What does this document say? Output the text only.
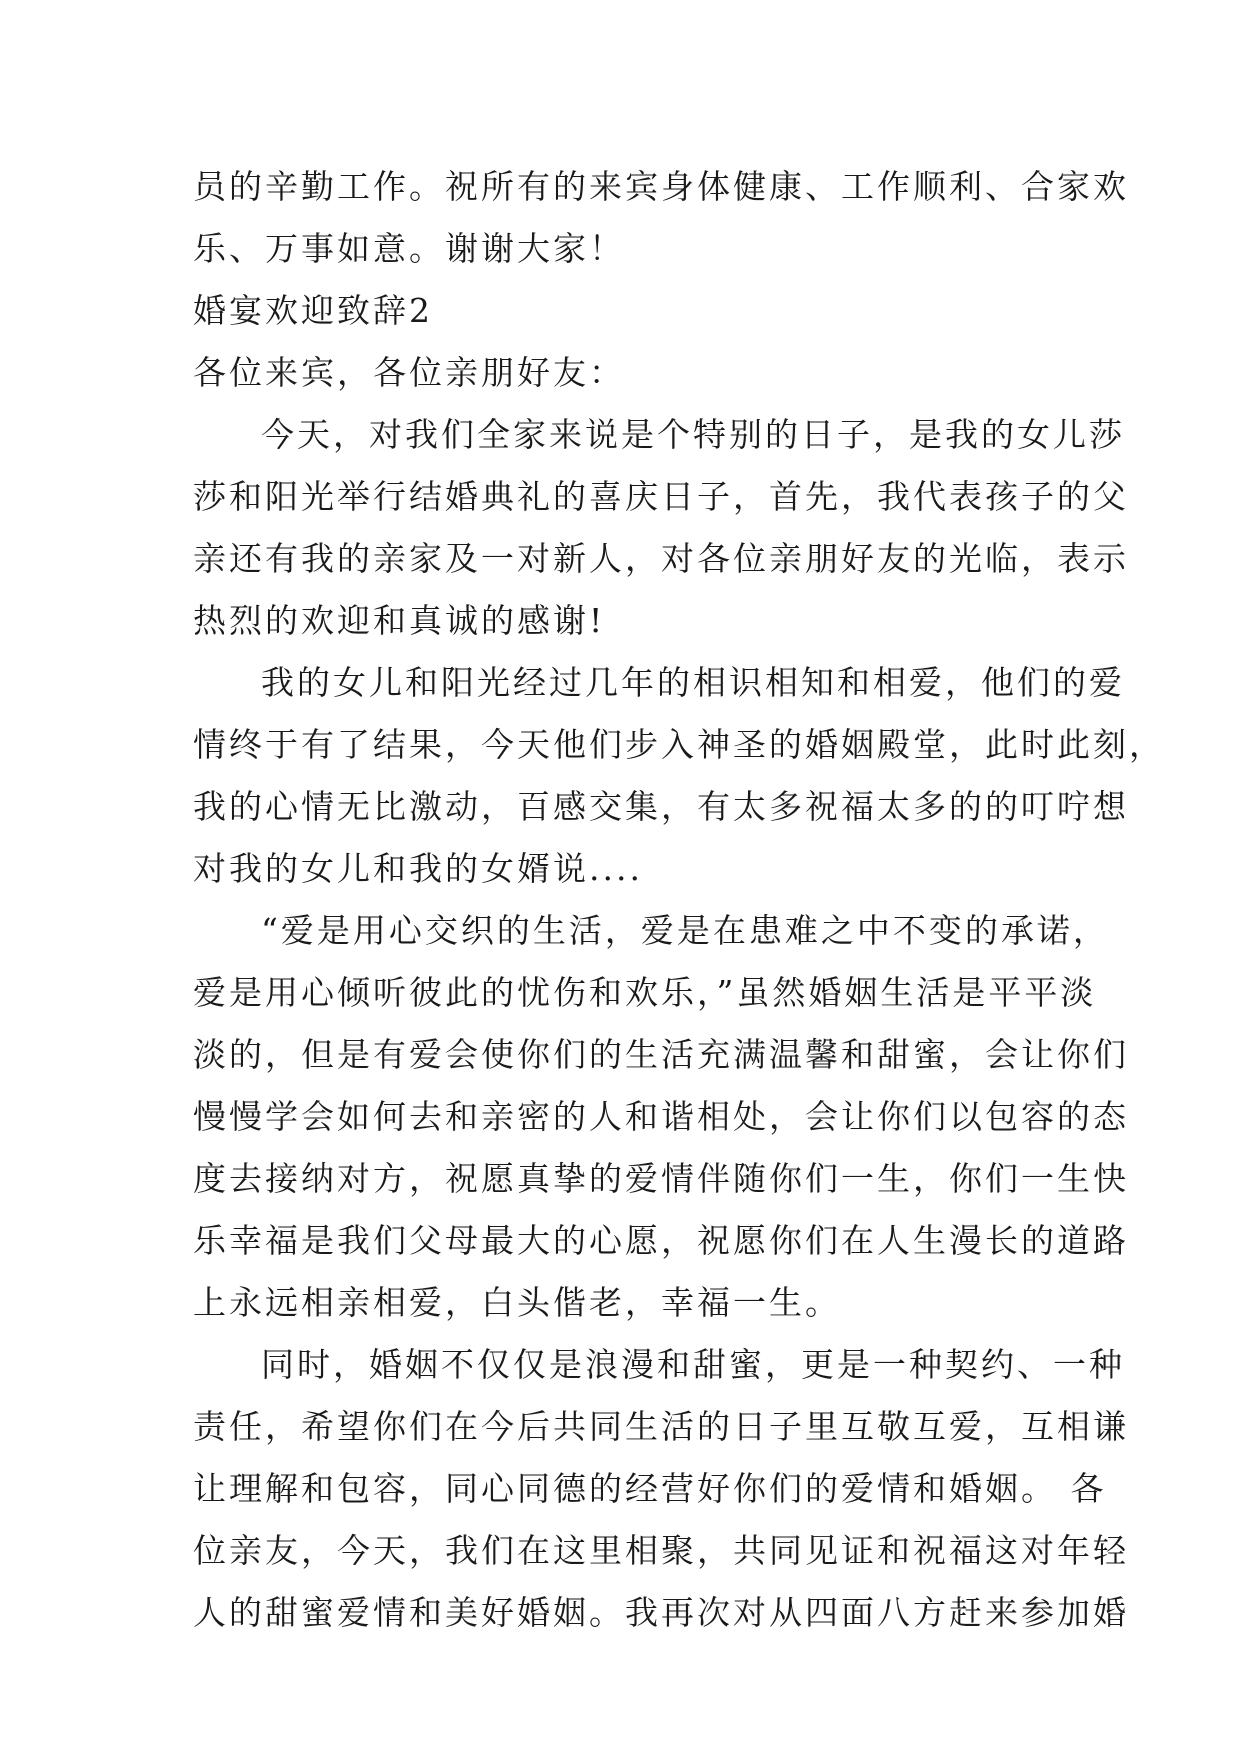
员的辛勤工作。祝所有的来宾身体健康、工作顺利、合家欢
乐、万事如意。谢谢大家！
婚宴欢迎致辞2
各位来宾，各位亲朋好友：
今天，对我们全家来说是个特别的日子，是我的女儿莎
莎和阳光举行结婚典礼的喜庆日子，首先，我代表孩子的父
亲还有我的亲家及一对新人，对各位亲朋好友的光临，表示
热烈的欢迎和真诚的感谢!
我的女儿和阳光经过几年的相识相知和相爱，他们的爱
情终于有了结果，今天他们步入神圣的婚姻殿堂，此时此刻，
我的心情无比激动，百感交集，有太多祝福太多的的叮咛想
对我的女儿和我的女婿说....
“爱是用心交织的生活，爱是在患难之中不变的承诺，
爱是用心倾听彼此的忧伤和欢乐，”虽然婚姻生活是平平淡
淡的，但是有爱会使你们的生活充满温馨和甜蜜，会让你们
慢慢学会如何去和亲密的人和谐相处，会让你们以包容的态
度去接纳对方，祝愿真挚的爱情伴随你们一生，你们一生快
乐幸福是我们父母最大的心愿，祝愿你们在人生漫长的道路
上永远相亲相爱，白头偕老，幸福一生。
同时，婚姻不仅仅是浪漫和甜蜜，更是一种契约、一种
责任，希望你们在今后共同生活的日子里互敬互爱，互相谦
让理解和包容，同心同德的经营好你们的爱情和婚姻。 各
位亲友，今天，我们在这里相聚，共同见证和祝福这对年轻
人的甜蜜爱情和美好婚姻。我再次对从四面八方赶来参加婚
